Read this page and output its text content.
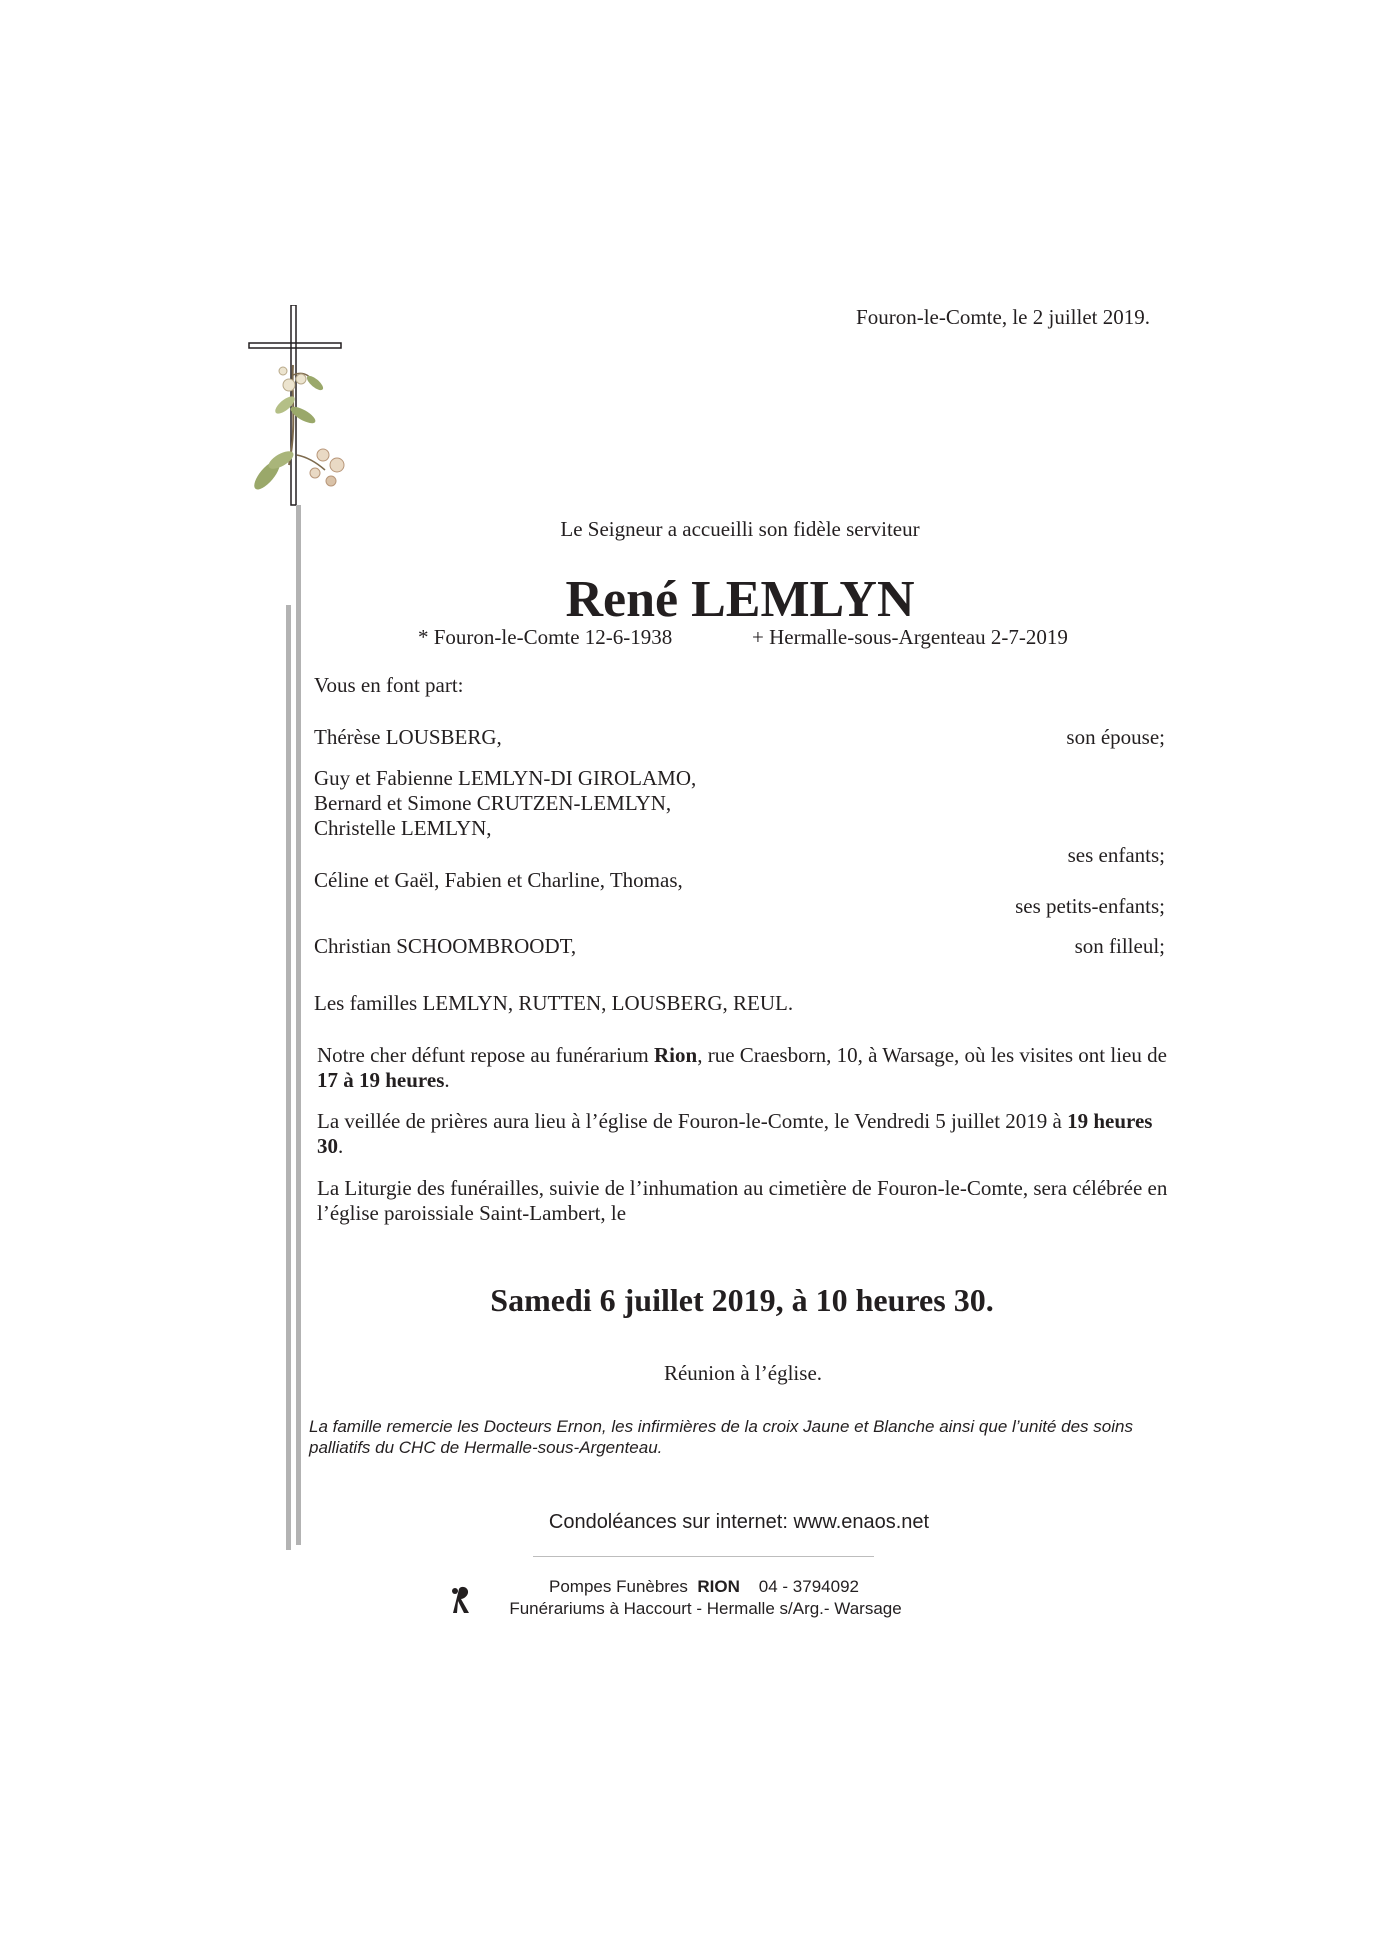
Fouron-le-Comte, le 2 juillet 2019.
Le Seigneur a accueilli son fidèle serviteur
René LEMLYN
* Fouron-le-Comte 12-6-1938	+ Hermalle-sous-Argenteau 2-7-2019
Vous en font part:
Thérèse LOUSBERG,	son épouse;
Guy et Fabienne LEMLYN-DI GIROLAMO,
Bernard et Simone CRUTZEN-LEMLYN,
Christelle LEMLYN,
ses enfants;
Céline et Gaël, Fabien et Charline, Thomas,
ses petits-enfants;
Christian SCHOOMBROODT,	son filleul;
Les familles LEMLYN, RUTTEN, LOUSBERG, REUL.
Notre cher défunt repose au funérarium Rion, rue Craesborn, 10, à Warsage, où les visites ont lieu de 17 à 19 heures.
La veillée de prières aura lieu à l’église de Fouron-le-Comte, le Vendredi 5 juillet 2019 à 19 heures 30.
La Liturgie des funérailles, suivie de l’inhumation au cimetière de Fouron-le-Comte, sera célébrée en l’église paroissiale Saint-Lambert, le
Samedi 6 juillet 2019, à 10 heures 30.
Réunion à l’église.
La famille remercie les Docteurs Ernon, les infirmières de la croix Jaune et Blanche ainsi que l’unité des soins palliatifs du CHC de Hermalle-sous-Argenteau.
Condoléances sur internet: www.enaos.net
Pompes Funèbres RION 04 - 3794092
Funérariums à Haccourt - Hermalle s/Arg.- Warsage
